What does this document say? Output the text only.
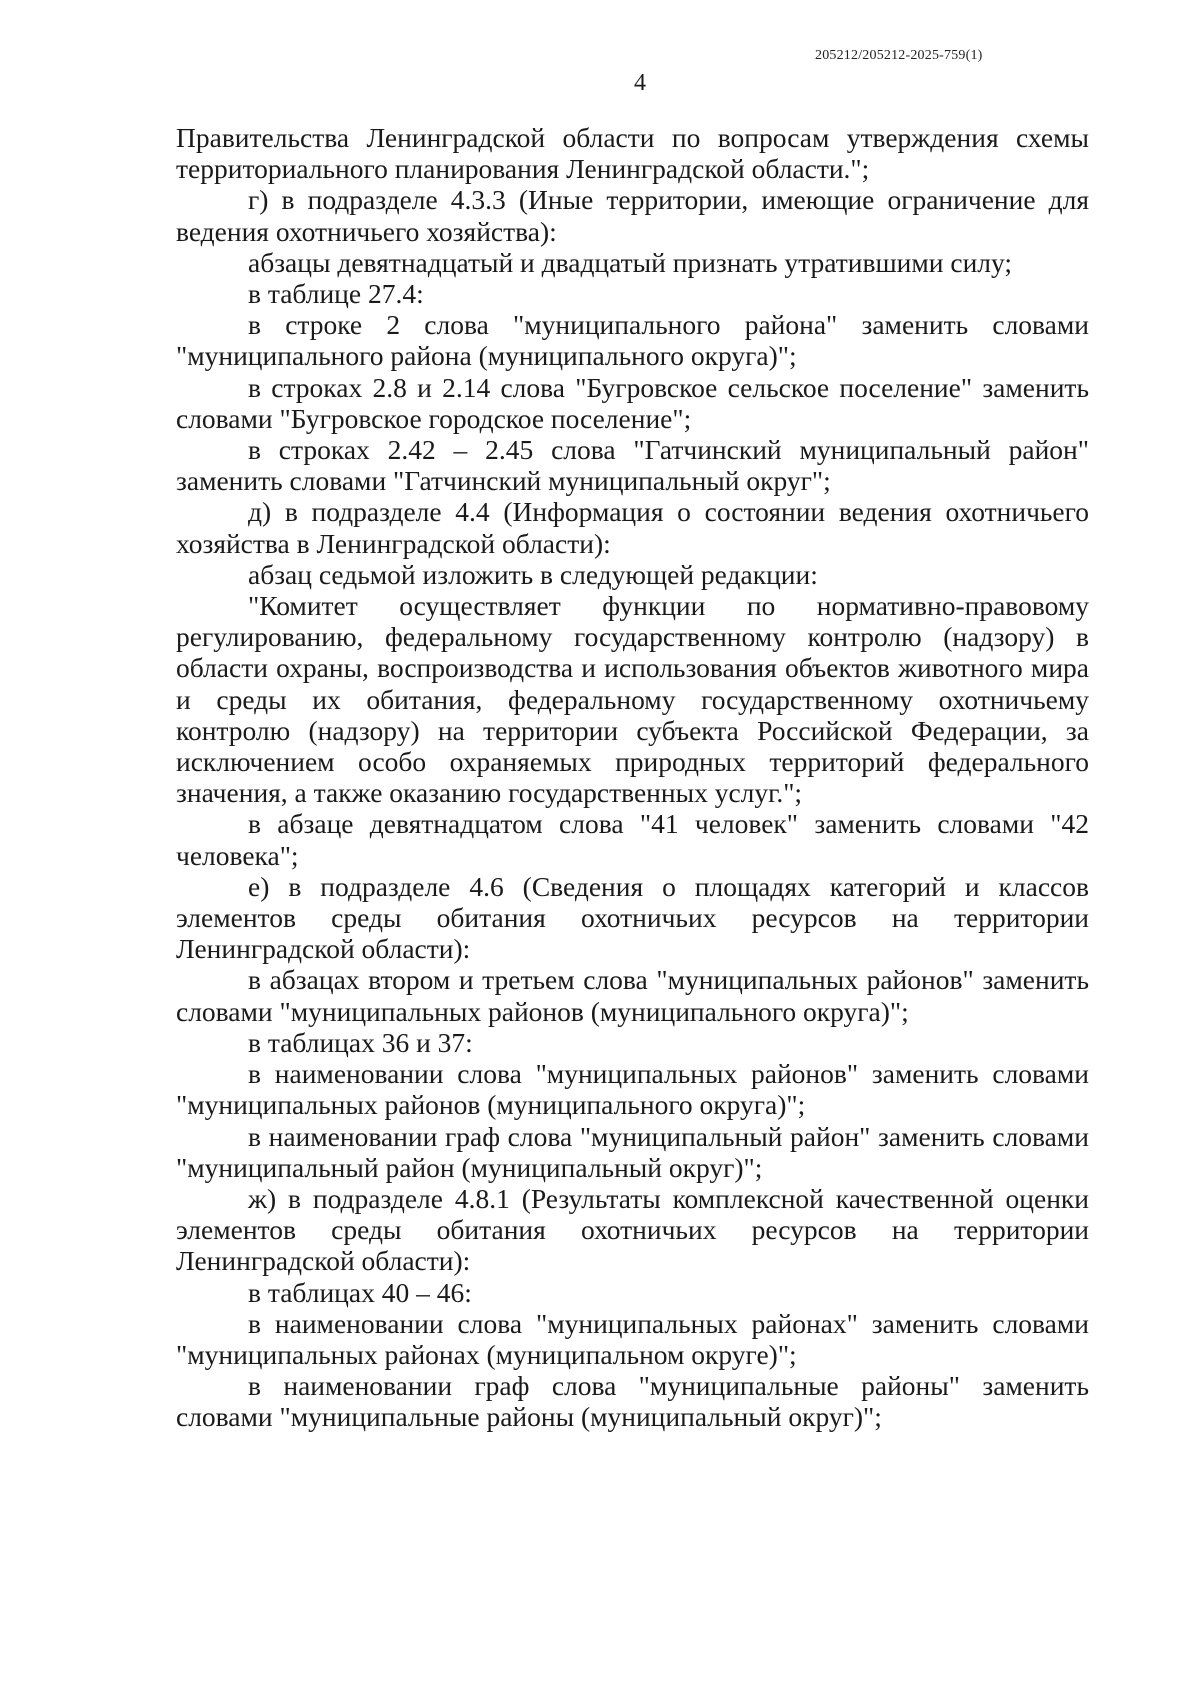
205212/205212-2025-759(1)
4

Правительства Ленинградской области по вопросам утверждения схемы территориального планирования Ленинградской области.";

г) в подразделе 4.3.3 (Иные территории, имеющие ограничение для ведения охотничьего хозяйства):

абзацы девятнадцатый и двадцатый признать утратившими силу;

в таблице 27.4:

в строке 2 слова "муниципального района" заменить словами "муниципального района (муниципального округа)";

в строках 2.8 и 2.14 слова "Бугровское сельское поселение" заменить словами "Бугровское городское поселение";

в строках 2.42 – 2.45 слова "Гатчинский муниципальный район" заменить словами "Гатчинский муниципальный округ";

д) в подразделе 4.4 (Информация о состоянии ведения охотничьего хозяйства в Ленинградской области):

абзац седьмой изложить в следующей редакции:

"Комитет осуществляет функции по нормативно-правовому регулированию, федеральному государственному контролю (надзору) в области охраны, воспроизводства и использования объектов животного мира и среды их обитания, федеральному государственному охотничьему контролю (надзору) на территории субъекта Российской Федерации, за исключением особо охраняемых природных территорий федерального значения, а также оказанию государственных услуг.";

в абзаце девятнадцатом слова "41 человек" заменить словами "42 человека";

е) в подразделе 4.6 (Сведения о площадях категорий и классов элементов среды обитания охотничьих ресурсов на территории Ленинградской области):

в абзацах втором и третьем слова "муниципальных районов" заменить словами "муниципальных районов (муниципального округа)";

в таблицах 36 и 37:

в наименовании слова "муниципальных районов" заменить словами "муниципальных районов (муниципального округа)";

в наименовании граф слова "муниципальный район" заменить словами "муниципальный район (муниципальный округ)";

ж) в подразделе 4.8.1 (Результаты комплексной качественной оценки элементов среды обитания охотничьих ресурсов на территории Ленинградской области):

в таблицах 40 – 46:

в наименовании слова "муниципальных районах" заменить словами "муниципальных районах (муниципальном округе)";

в наименовании граф слова "муниципальные районы" заменить словами "муниципальные районы (муниципальный округ)";
